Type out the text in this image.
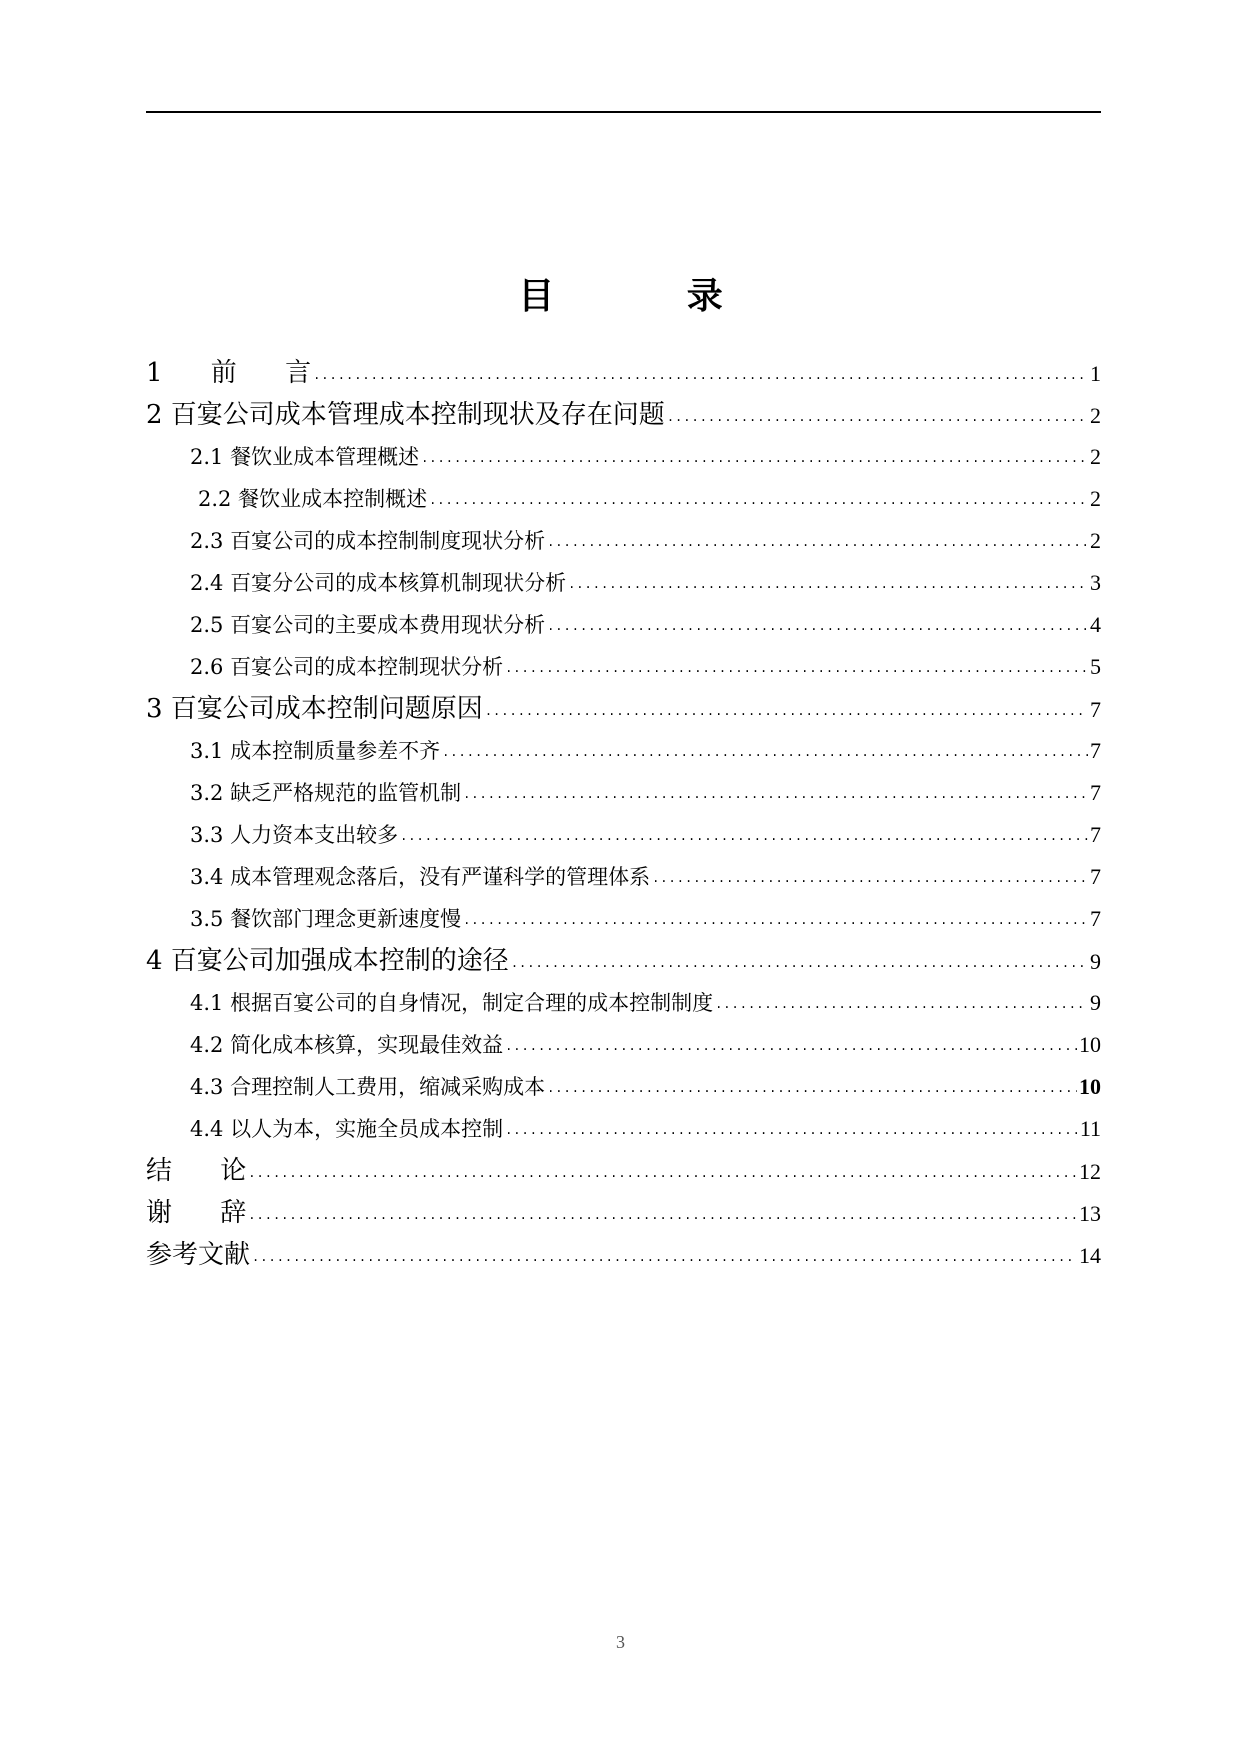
目 录
1 前 言 .....	1
2 百宴公司成本管理成本控制现状及存在问题 .....	2
2.1 餐饮业成本管理概述 .....	2
2.2 餐饮业成本控制概述 .....	2
2.3 百宴公司的成本控制制度现状分析 .....	2
2.4 百宴分公司的成本核算机制现状分析 .....	3
2.5 百宴公司的主要成本费用现状分析 .....	4
2.6 百宴公司的成本控制现状分析 .....	5
3 百宴公司成本控制问题原因 .....	7
3.1 成本控制质量参差不齐 .....	7
3.2 缺乏严格规范的监管机制 .....	7
3.3 人力资本支出较多 .....	7
3.4 成本管理观念落后，没有严谨科学的管理体系 .....	7
3.5 餐饮部门理念更新速度慢 .....	7
4 百宴公司加强成本控制的途径 .....	9
4.1 根据百宴公司的自身情况，制定合理的成本控制制度 .....	9
4.2 简化成本核算，实现最佳效益 .....	10
4.3 合理控制人工费用，缩减采购成本 .....	10
4.4 以人为本，实施全员成本控制 .....	11
结 论 .....	12
谢 辞 .....	13
参考文献 .....	14
3
